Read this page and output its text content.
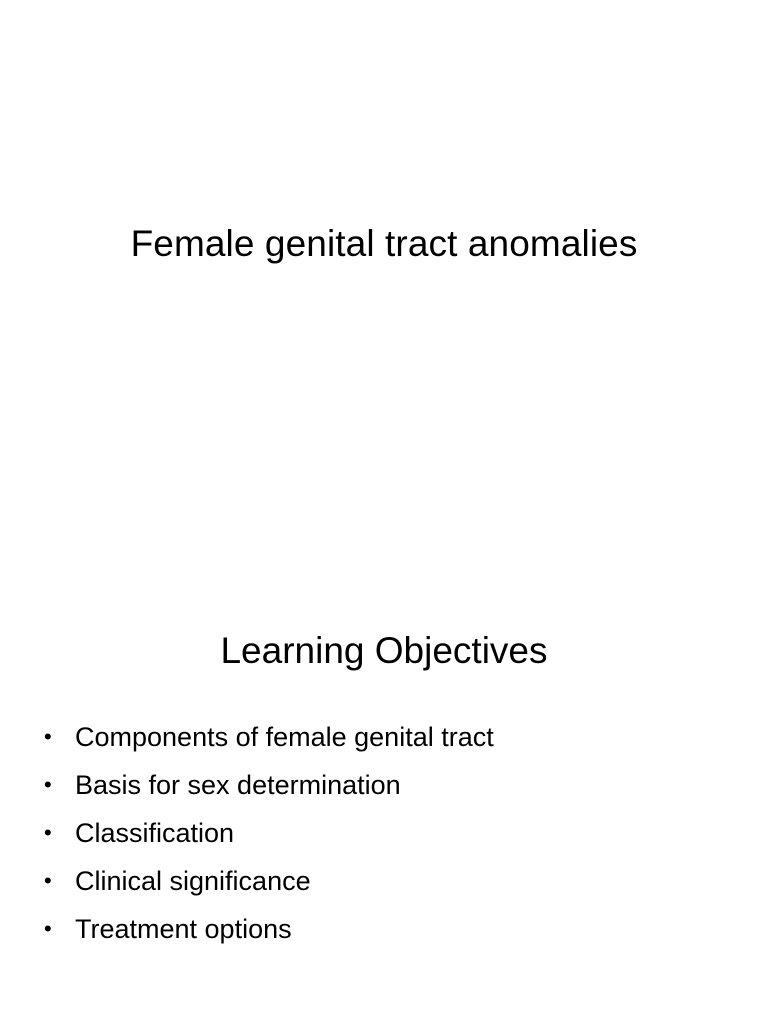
Female genital tract anomalies
Learning Objectives
• Components of female genital tract
• Basis for sex determination
• Classification
• Clinical significance
• Treatment options
